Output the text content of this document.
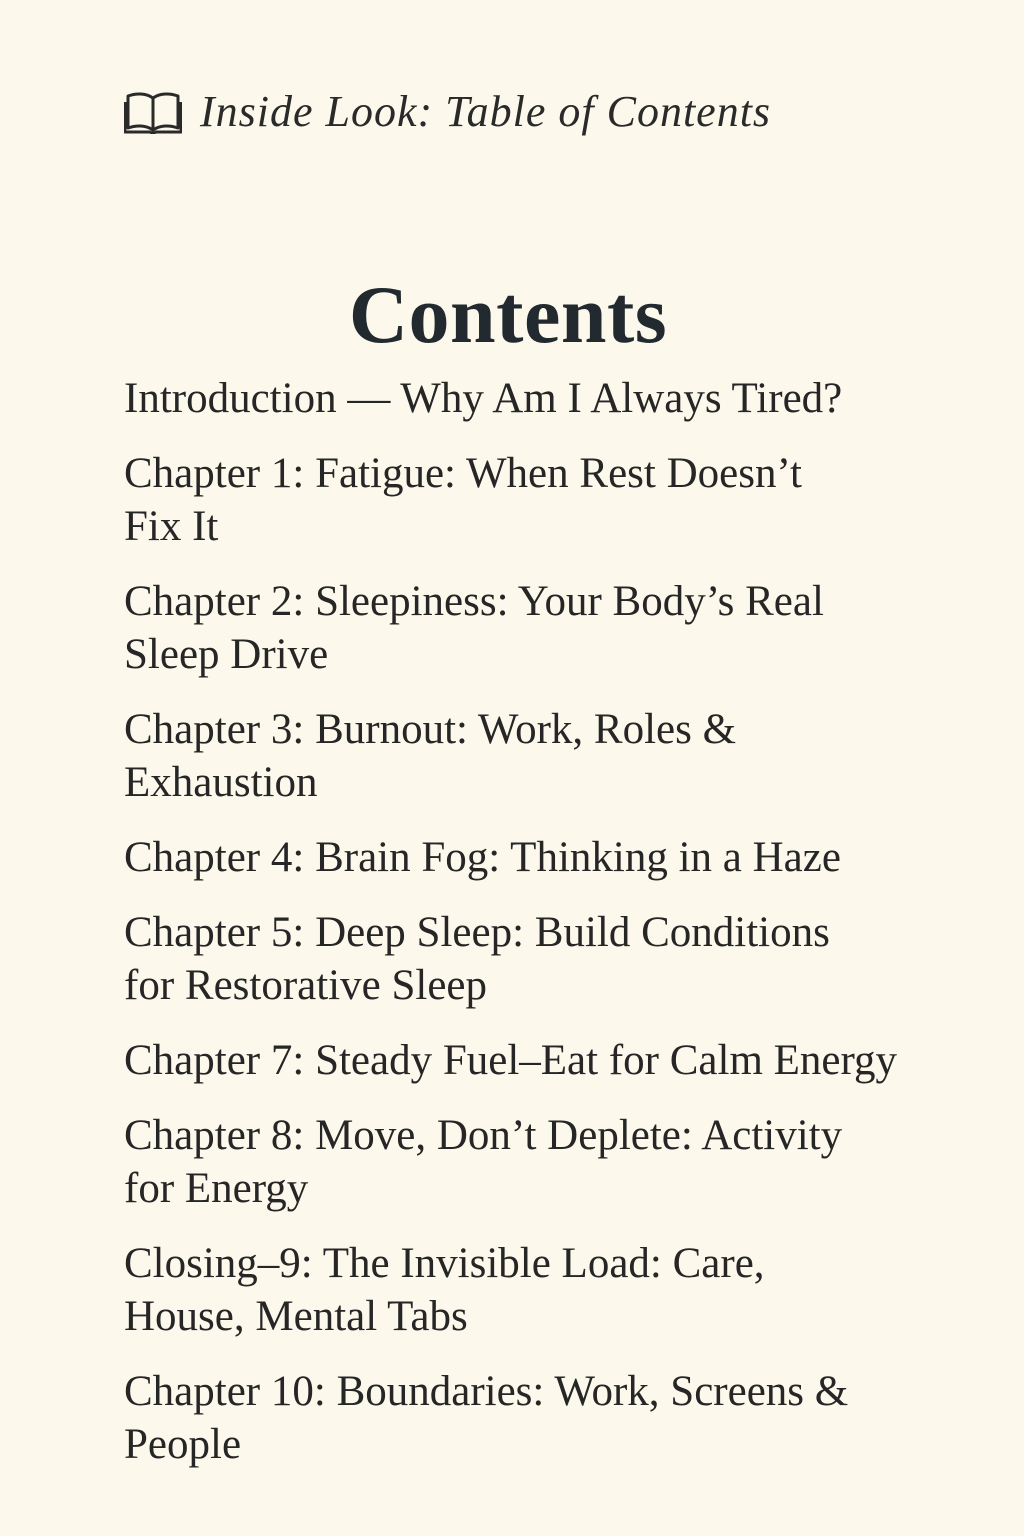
Inside Look: Table of Contents
Contents
Introduction — Why Am I Always Tired?
Chapter 1: Fatigue: When Rest Doesn’t
Fix It
Chapter 2: Sleepiness: Your Body’s Real
Sleep Drive
Chapter 3: Burnout: Work, Roles &
Exhaustion
Chapter 4: Brain Fog: Thinking in a Haze
Chapter 5: Deep Sleep: Build Conditions
for Restorative Sleep
Chapter 7: Steady Fuel–Eat for Calm Energy
Chapter 8: Move, Don’t Deplete: Activity
for Energy
Closing–9: The Invisible Load: Care,
House, Mental Tabs
Chapter 10: Boundaries: Work, Screens &
People
